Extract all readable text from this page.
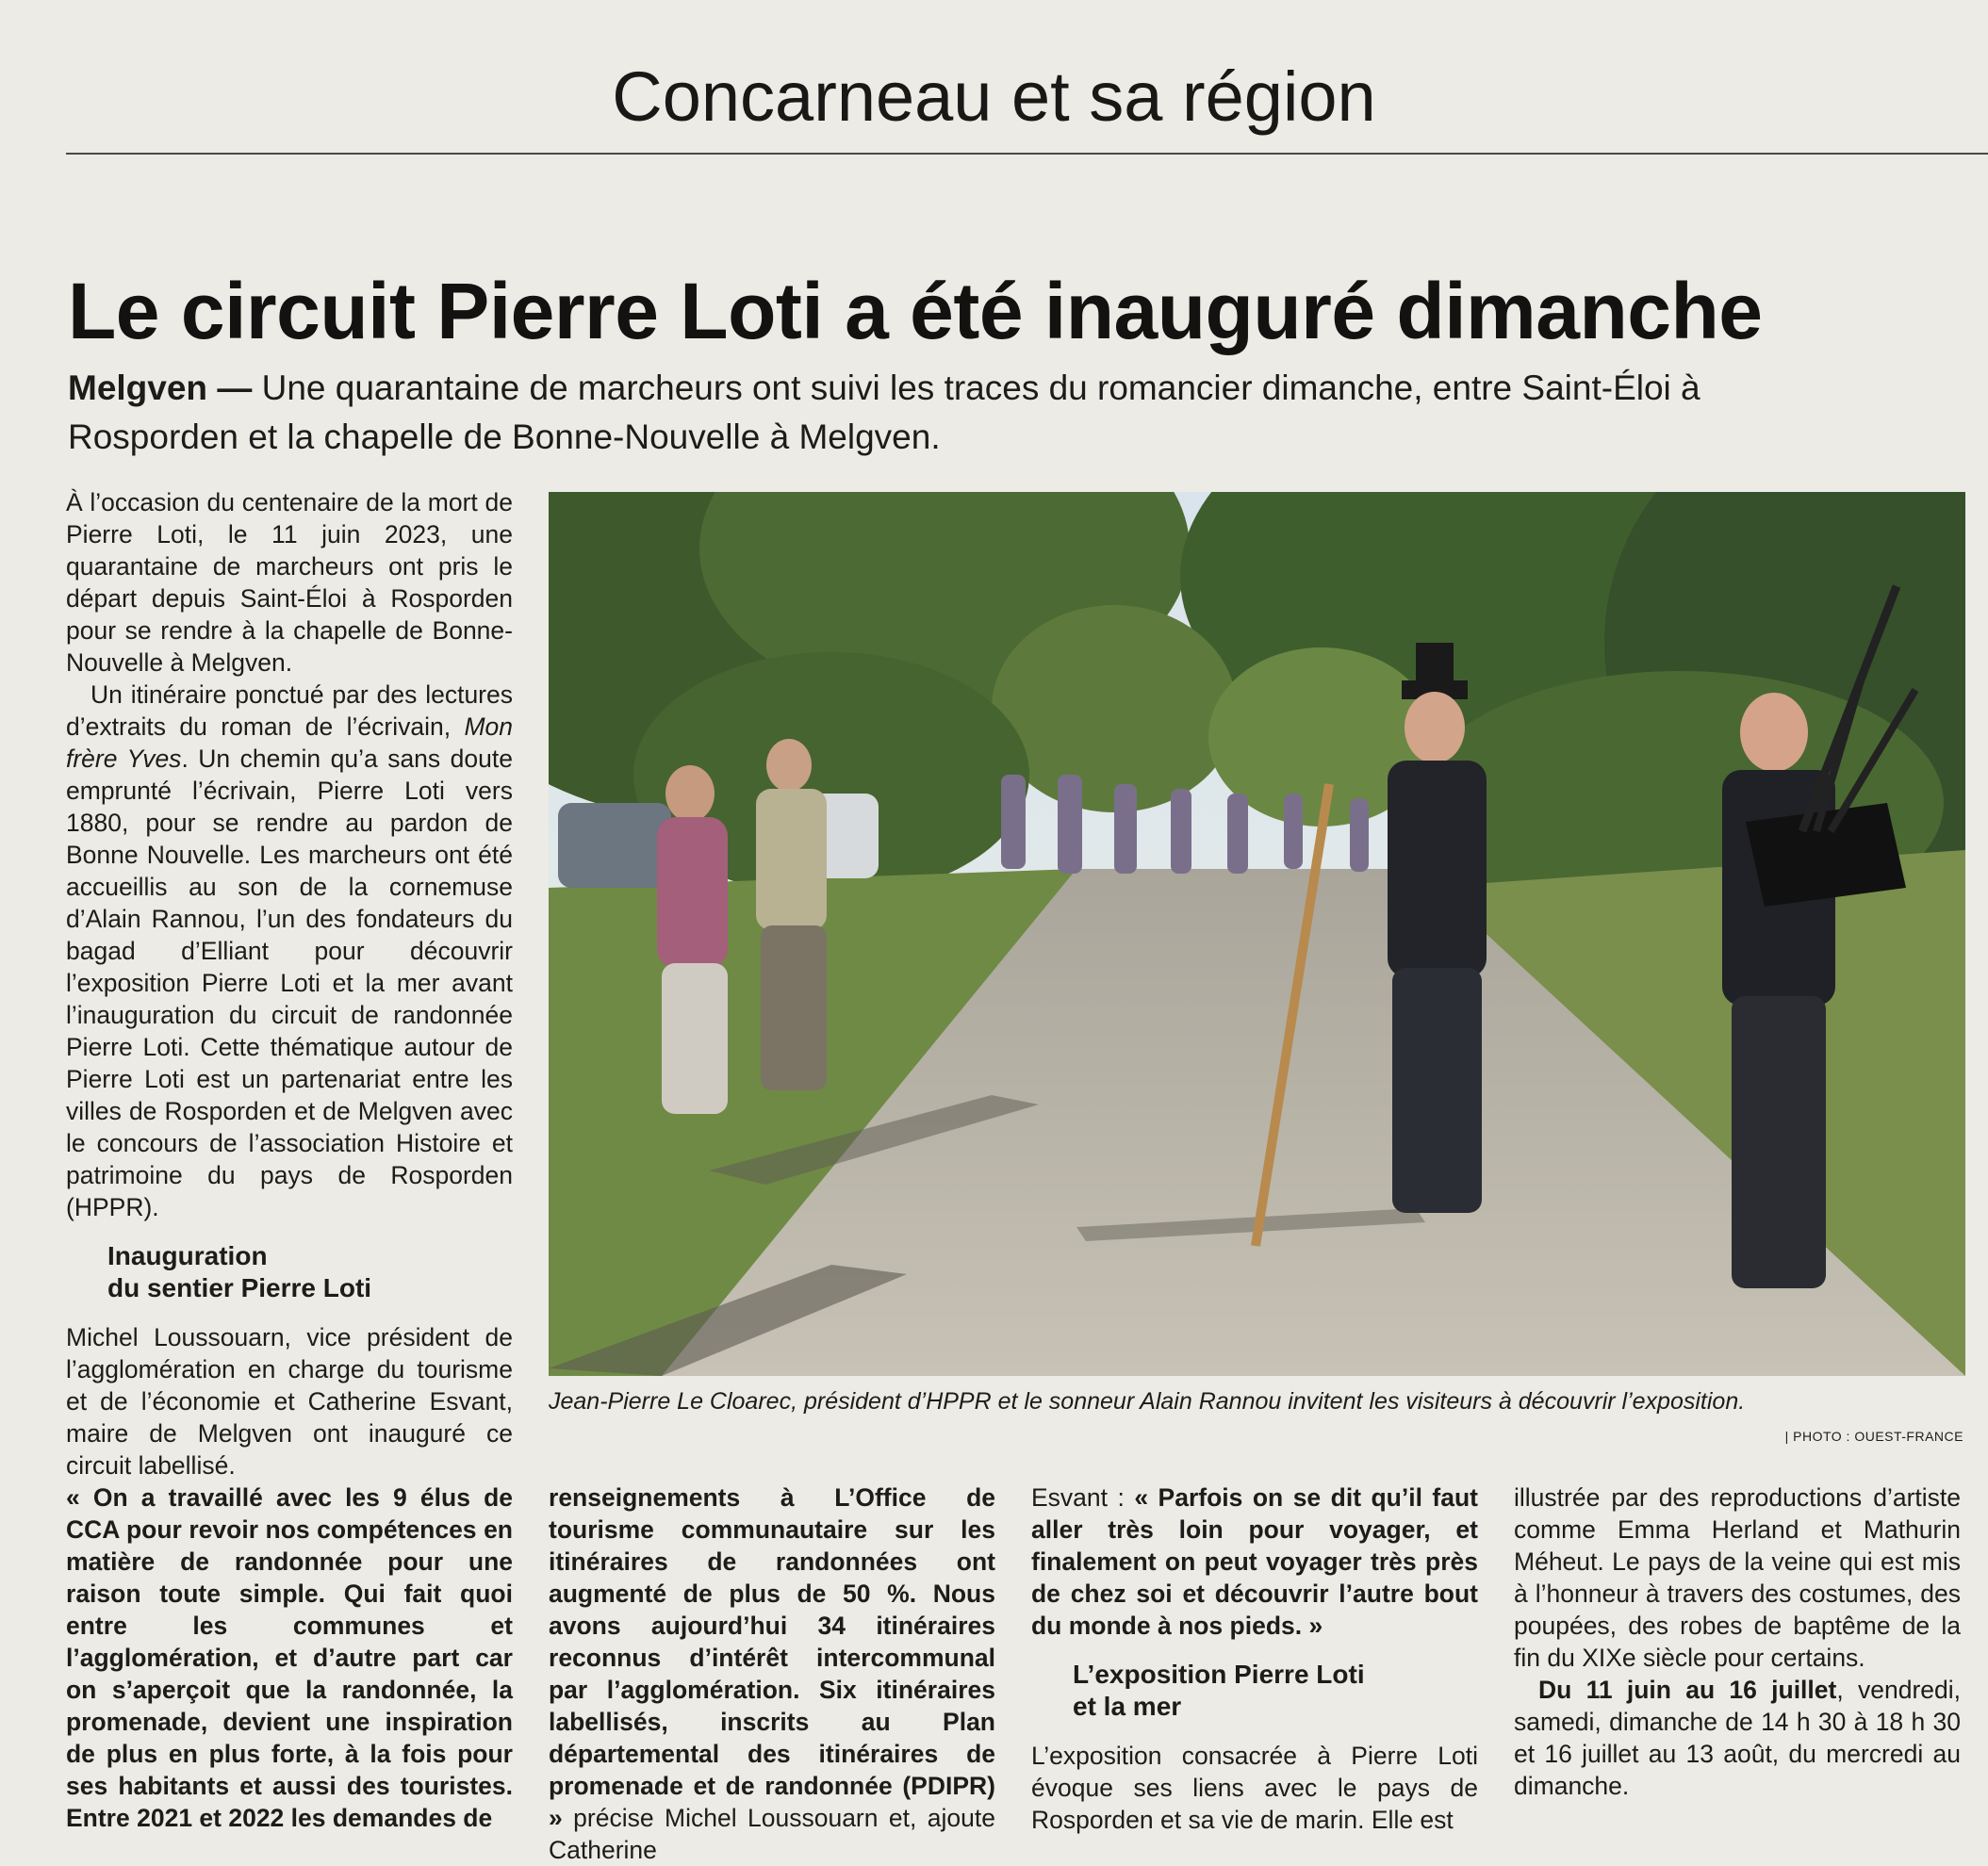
Concarneau et sa région
Le circuit Pierre Loti a été inauguré dimanche
Melgven — Une quarantaine de marcheurs ont suivi les traces du romancier dimanche, entre Saint-Éloi à Rosporden et la chapelle de Bonne-Nouvelle à Melgven.

À l’occasion du centenaire de la mort de Pierre Loti, le 11 juin 2023, une quarantaine de marcheurs ont pris le départ depuis Saint-Éloi à Rosporden pour se rendre à la chapelle de Bonne-Nouvelle à Melgven.

Un itinéraire ponctué par des lectures d’extraits du roman de l’écrivain, Mon frère Yves. Un chemin qu’a sans doute emprunté l’écrivain, Pierre Loti vers 1880, pour se rendre au pardon de Bonne Nouvelle. Les marcheurs ont été accueillis au son de la cornemuse d’Alain Rannou, l’un des fondateurs du bagad d’Elliant pour découvrir l’exposition Pierre Loti et la mer avant l’inauguration du circuit de randonnée Pierre Loti. Cette thématique autour de Pierre Loti est un partenariat entre les villes de Rosporden et de Melgven avec le concours de l’association Histoire et patrimoine du pays de Rosporden (HPPR).

Inauguration
du sentier Pierre Loti

Michel Loussouarn, vice président de l’agglomération en charge du tourisme et de l’économie et Catherine Esvant, maire de Melgven ont inauguré ce circuit labellisé.

Jean-Pierre Le Cloarec, président d’HPPR et le sonneur Alain Rannou invitent les visiteurs à découvrir l’exposition.
| PHOTO : OUEST-FRANCE

« On a travaillé avec les 9 élus de CCA pour revoir nos compétences en matière de randonnée pour une raison toute simple. Qui fait quoi entre les communes et l’agglomération, et d’autre part car on s’aperçoit que la randonnée, la promenade, devient une inspiration de plus en plus forte, à la fois pour ses habitants et aussi des touristes. Entre 2021 et 2022 les demandes de

renseignements à L’Office de tourisme communautaire sur les itinéraires de randonnées ont augmenté de plus de 50 %. Nous avons aujourd’hui 34 itinéraires reconnus d’intérêt intercommunal par l’agglomération. Six itinéraires labellisés, inscrits au Plan départemental des itinéraires de promenade et de randonnée (PDIPR) » précise Michel Loussouarn et, ajoute Catherine

Esvant : « Parfois on se dit qu’il faut aller très loin pour voyager, et finalement on peut voyager très près de chez soi et découvrir l’autre bout du monde à nos pieds. »

L’exposition Pierre Loti
et la mer

L’exposition consacrée à Pierre Loti évoque ses liens avec le pays de Rosporden et sa vie de marin. Elle est

illustrée par des reproductions d’artiste comme Emma Herland et Mathurin Méheut. Le pays de la veine qui est mis à l’honneur à travers des costumes, des poupées, des robes de baptême de la fin du XIXe siècle pour certains.

Du 11 juin au 16 juillet, vendredi, samedi, dimanche de 14 h 30 à 18 h 30 et 16 juillet au 13 août, du mercredi au dimanche.
